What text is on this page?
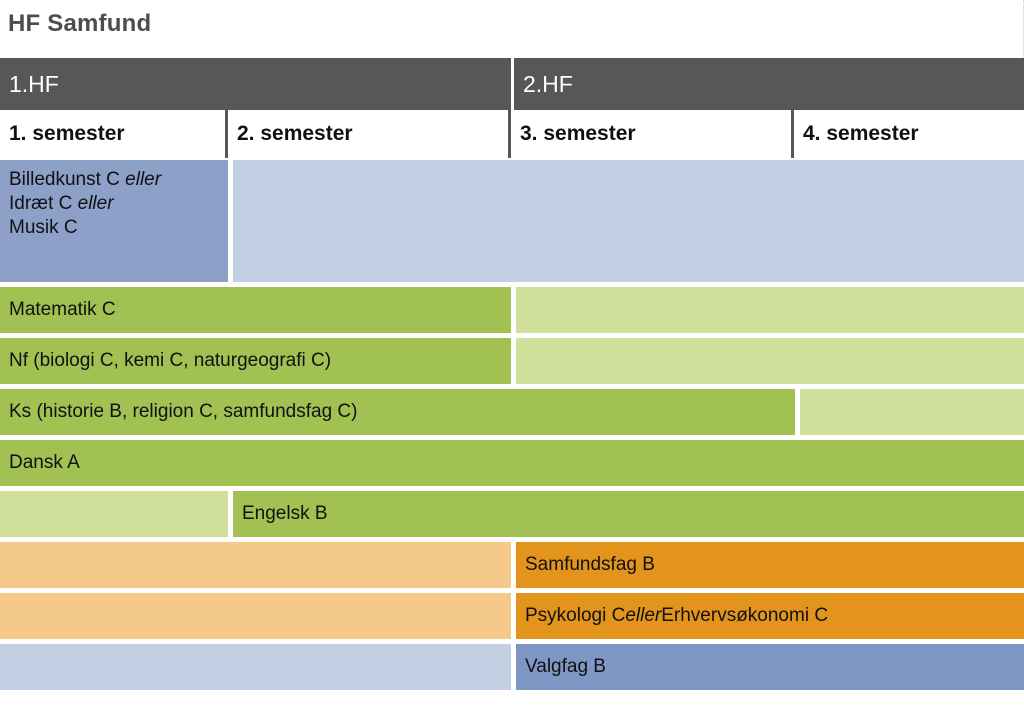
HF Samfund
1.HF	2.HF
1. semester	2. semester	3. semester	4. semester
Billedkunst C eller
Idræt C eller
Musik C
Matematik C
Nf (biologi C, kemi C, naturgeografi C)
Ks (historie B, religion C, samfundsfag C)
Dansk A
Engelsk B
Samfundsfag B
Psykologi C eller Erhvervsøkonomi C
Valgfag B
